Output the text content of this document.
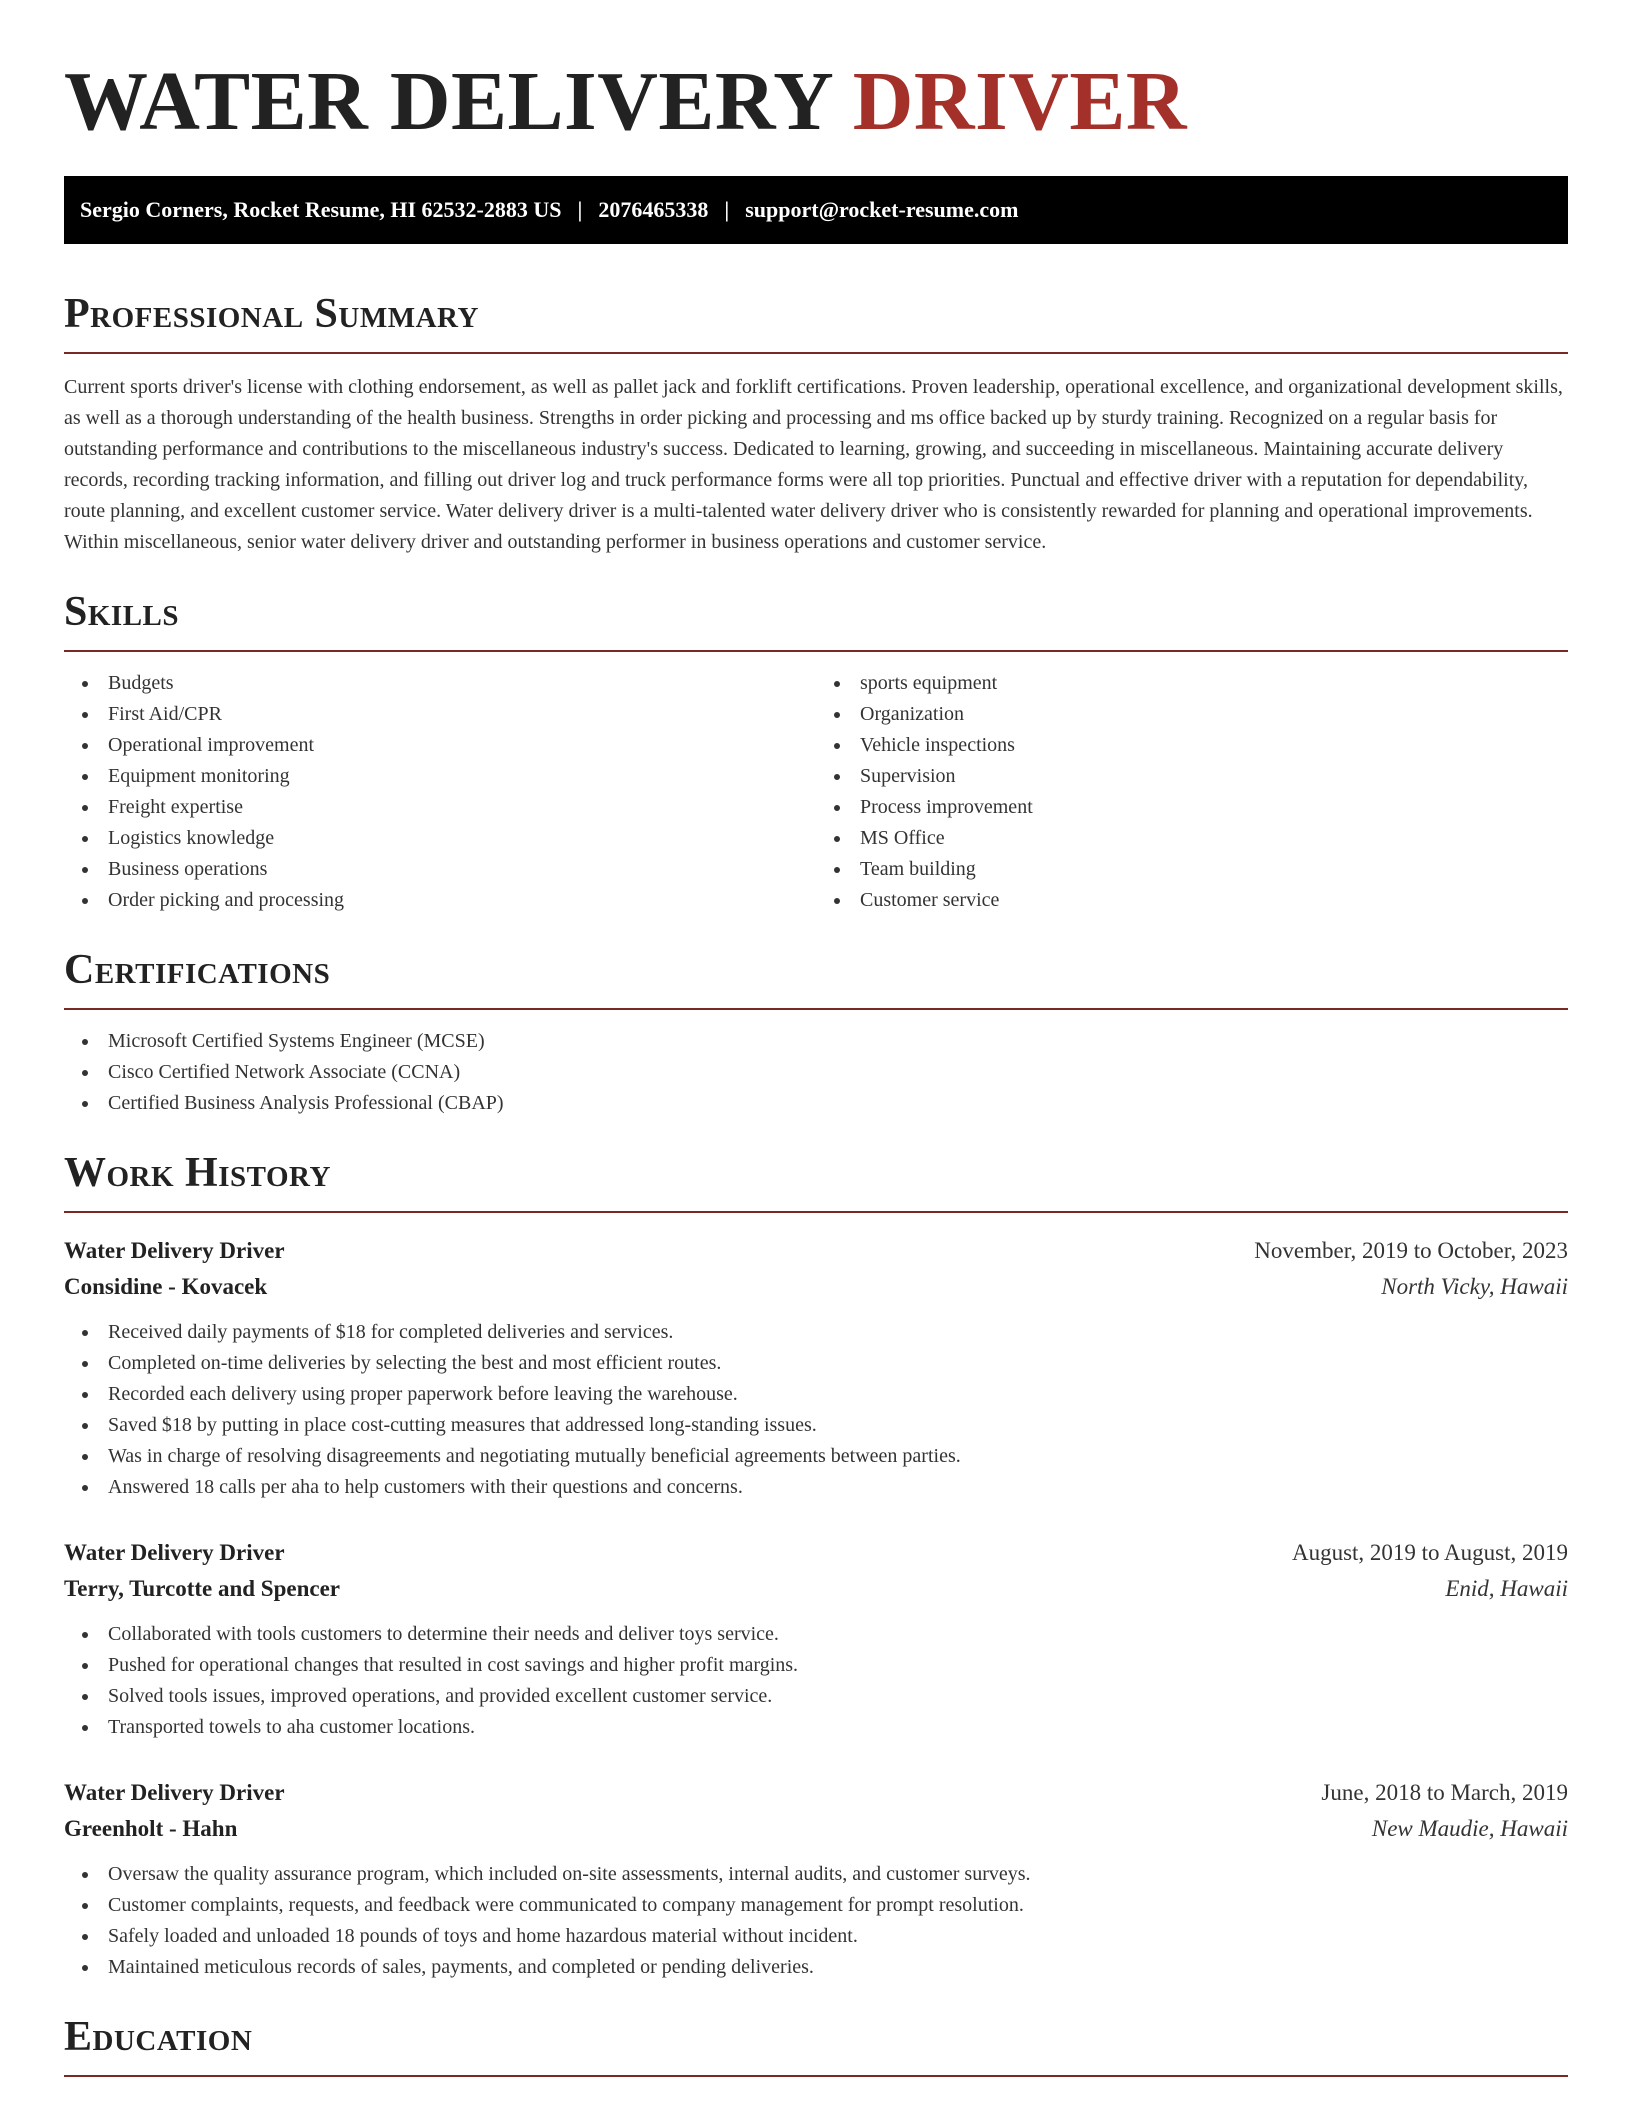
WATER DELIVERY DRIVER
Sergio Corners, Rocket Resume, HI 62532-2883 US | 2076465338 | support@rocket-resume.com
Professional Summary

Current sports driver's license with clothing endorsement, as well as pallet jack and forklift certifications. Proven leadership, operational excellence, and organizational development skills, as well as a thorough understanding of the health business. Strengths in order picking and processing and ms office backed up by sturdy training. Recognized on a regular basis for outstanding performance and contributions to the miscellaneous industry's success. Dedicated to learning, growing, and succeeding in miscellaneous. Maintaining accurate delivery records, recording tracking information, and filling out driver log and truck performance forms were all top priorities. Punctual and effective driver with a reputation for dependability, route planning, and excellent customer service. Water delivery driver is a multi-talented water delivery driver who is consistently rewarded for planning and operational improvements. Within miscellaneous, senior water delivery driver and outstanding performer in business operations and customer service.

Skills
Budgets
First Aid/CPR
Operational improvement
Equipment monitoring
Freight expertise
Logistics knowledge
Business operations
Order picking and processing
sports equipment
Organization
Vehicle inspections
Supervision
Process improvement
MS Office
Team building
Customer service
Certifications
Microsoft Certified Systems Engineer (MCSE)
Cisco Certified Network Associate (CCNA)
Certified Business Analysis Professional (CBAP)
Work History
Water Delivery Driver	November, 2019 to October, 2023
Considine - Kovacek	North Vicky, Hawaii
Received daily payments of $18 for completed deliveries and services.
Completed on-time deliveries by selecting the best and most efficient routes.
Recorded each delivery using proper paperwork before leaving the warehouse.
Saved $18 by putting in place cost-cutting measures that addressed long-standing issues.
Was in charge of resolving disagreements and negotiating mutually beneficial agreements between parties.
Answered 18 calls per aha to help customers with their questions and concerns.
Water Delivery Driver	August, 2019 to August, 2019
Terry, Turcotte and Spencer	Enid, Hawaii
Collaborated with tools customers to determine their needs and deliver toys service.
Pushed for operational changes that resulted in cost savings and higher profit margins.
Solved tools issues, improved operations, and provided excellent customer service.
Transported towels to aha customer locations.
Water Delivery Driver	June, 2018 to March, 2019
Greenholt - Hahn	New Maudie, Hawaii
Oversaw the quality assurance program, which included on-site assessments, internal audits, and customer surveys.
Customer complaints, requests, and feedback were communicated to company management for prompt resolution.
Safely loaded and unloaded 18 pounds of toys and home hazardous material without incident.
Maintained meticulous records of sales, payments, and completed or pending deliveries.
Education
